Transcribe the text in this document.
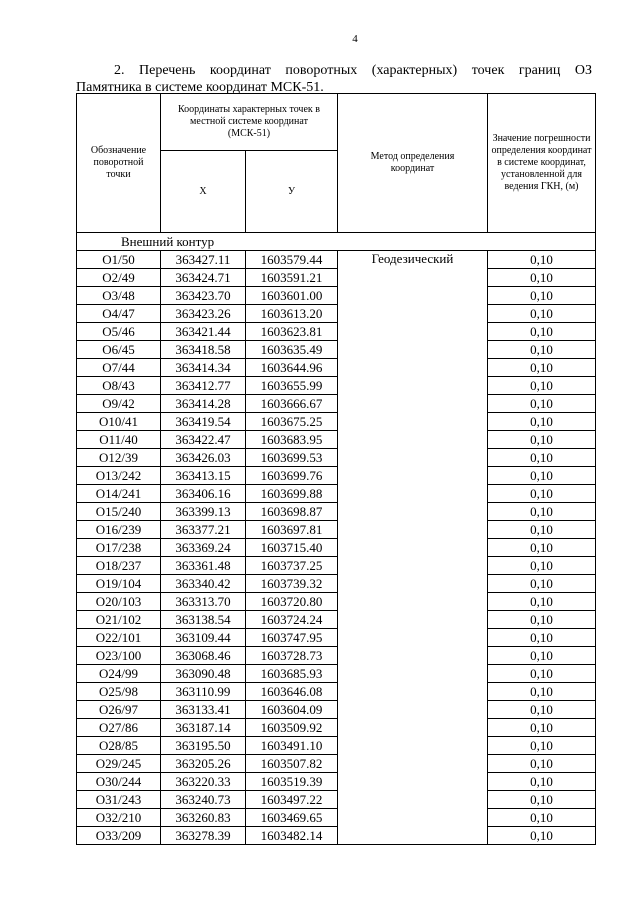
4
2. Перечень координат поворотных (характерных) точек границ ОЗ
Памятника в системе координат МСК-51.
Обозначение поворотной точки	Координаты характерных точек в местной системе координат (МСК-51)		Метод определения координат	Значение погрешности определения координат в системе координат, установленной для ведения ГКН, (м)
	X	У		
Внешний контур				
О1/50	363427.11	1603579.44	Геодезический	0,10
О2/49	363424.71	1603591.21		0,10
О3/48	363423.70	1603601.00		0,10
О4/47	363423.26	1603613.20		0,10
О5/46	363421.44	1603623.81		0,10
О6/45	363418.58	1603635.49		0,10
О7/44	363414.34	1603644.96		0,10
О8/43	363412.77	1603655.99		0,10
О9/42	363414.28	1603666.67		0,10
О10/41	363419.54	1603675.25		0,10
О11/40	363422.47	1603683.95		0,10
О12/39	363426.03	1603699.53		0,10
О13/242	363413.15	1603699.76		0,10
О14/241	363406.16	1603699.88		0,10
О15/240	363399.13	1603698.87		0,10
О16/239	363377.21	1603697.81		0,10
О17/238	363369.24	1603715.40		0,10
О18/237	363361.48	1603737.25		0,10
О19/104	363340.42	1603739.32		0,10
О20/103	363313.70	1603720.80		0,10
О21/102	363138.54	1603724.24		0,10
О22/101	363109.44	1603747.95		0,10
О23/100	363068.46	1603728.73		0,10
О24/99	363090.48	1603685.93		0,10
О25/98	363110.99	1603646.08		0,10
О26/97	363133.41	1603604.09		0,10
О27/86	363187.14	1603509.92		0,10
О28/85	363195.50	1603491.10		0,10
О29/245	363205.26	1603507.82		0,10
О30/244	363220.33	1603519.39		0,10
О31/243	363240.73	1603497.22		0,10
О32/210	363260.83	1603469.65		0,10
О33/209	363278.39	1603482.14		0,10
